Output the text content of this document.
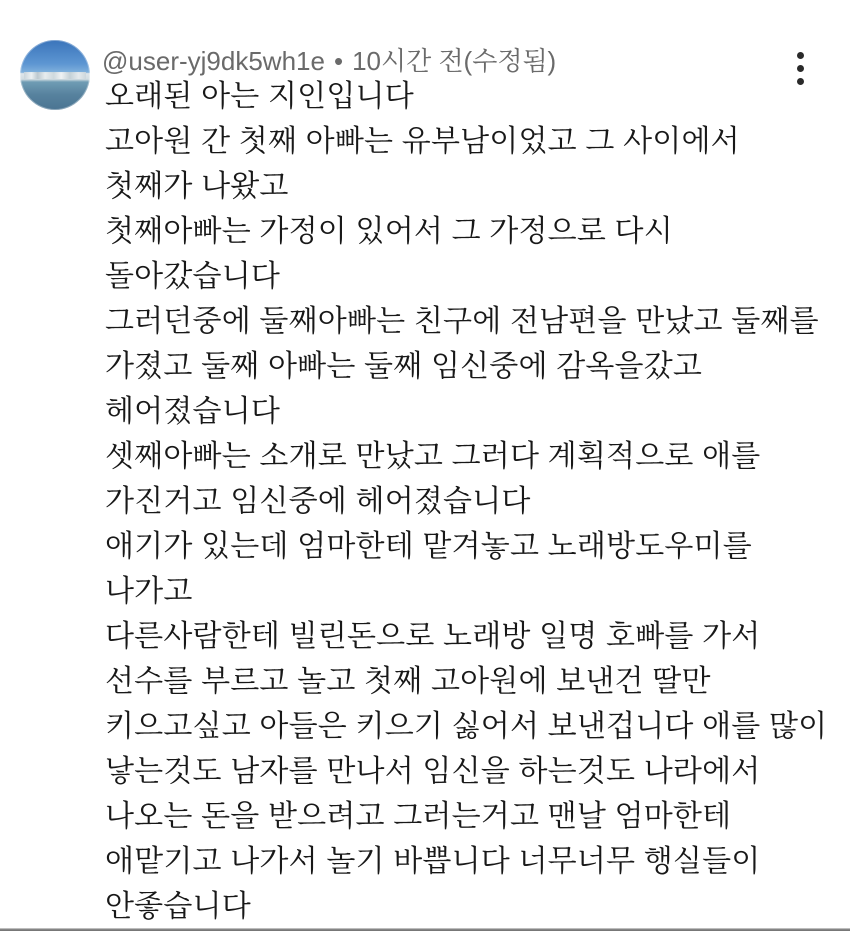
@user-yj9dk5wh1e • 10시간 전(수정됨)
오래된 아는 지인입니다
고아원 간 첫째 아빠는 유부남이었고 그 사이에서
첫째가 나왔고
첫째아빠는 가정이 있어서 그 가정으로 다시
돌아갔습니다
그러던중에 둘째아빠는 친구에 전남편을 만났고 둘째를
가졌고 둘째 아빠는 둘째 임신중에 감옥을갔고
헤어졌습니다
셋째아빠는 소개로 만났고 그러다 계획적으로 애를
가진거고 임신중에 헤어졌습니다
애기가 있는데 엄마한테 맡겨놓고 노래방도우미를
나가고
다른사람한테 빌린돈으로 노래방 일명 호빠를 가서
선수를 부르고 놀고 첫째 고아원에 보낸건 딸만
키으고싶고 아들은 키으기 싫어서 보낸겁니다 애를 많이
낳는것도 남자를 만나서 임신을 하는것도 나라에서
나오는 돈을 받으려고 그러는거고 맨날 엄마한테
애맡기고 나가서 놀기 바쁩니다 너무너무 행실들이
안좋습니다
